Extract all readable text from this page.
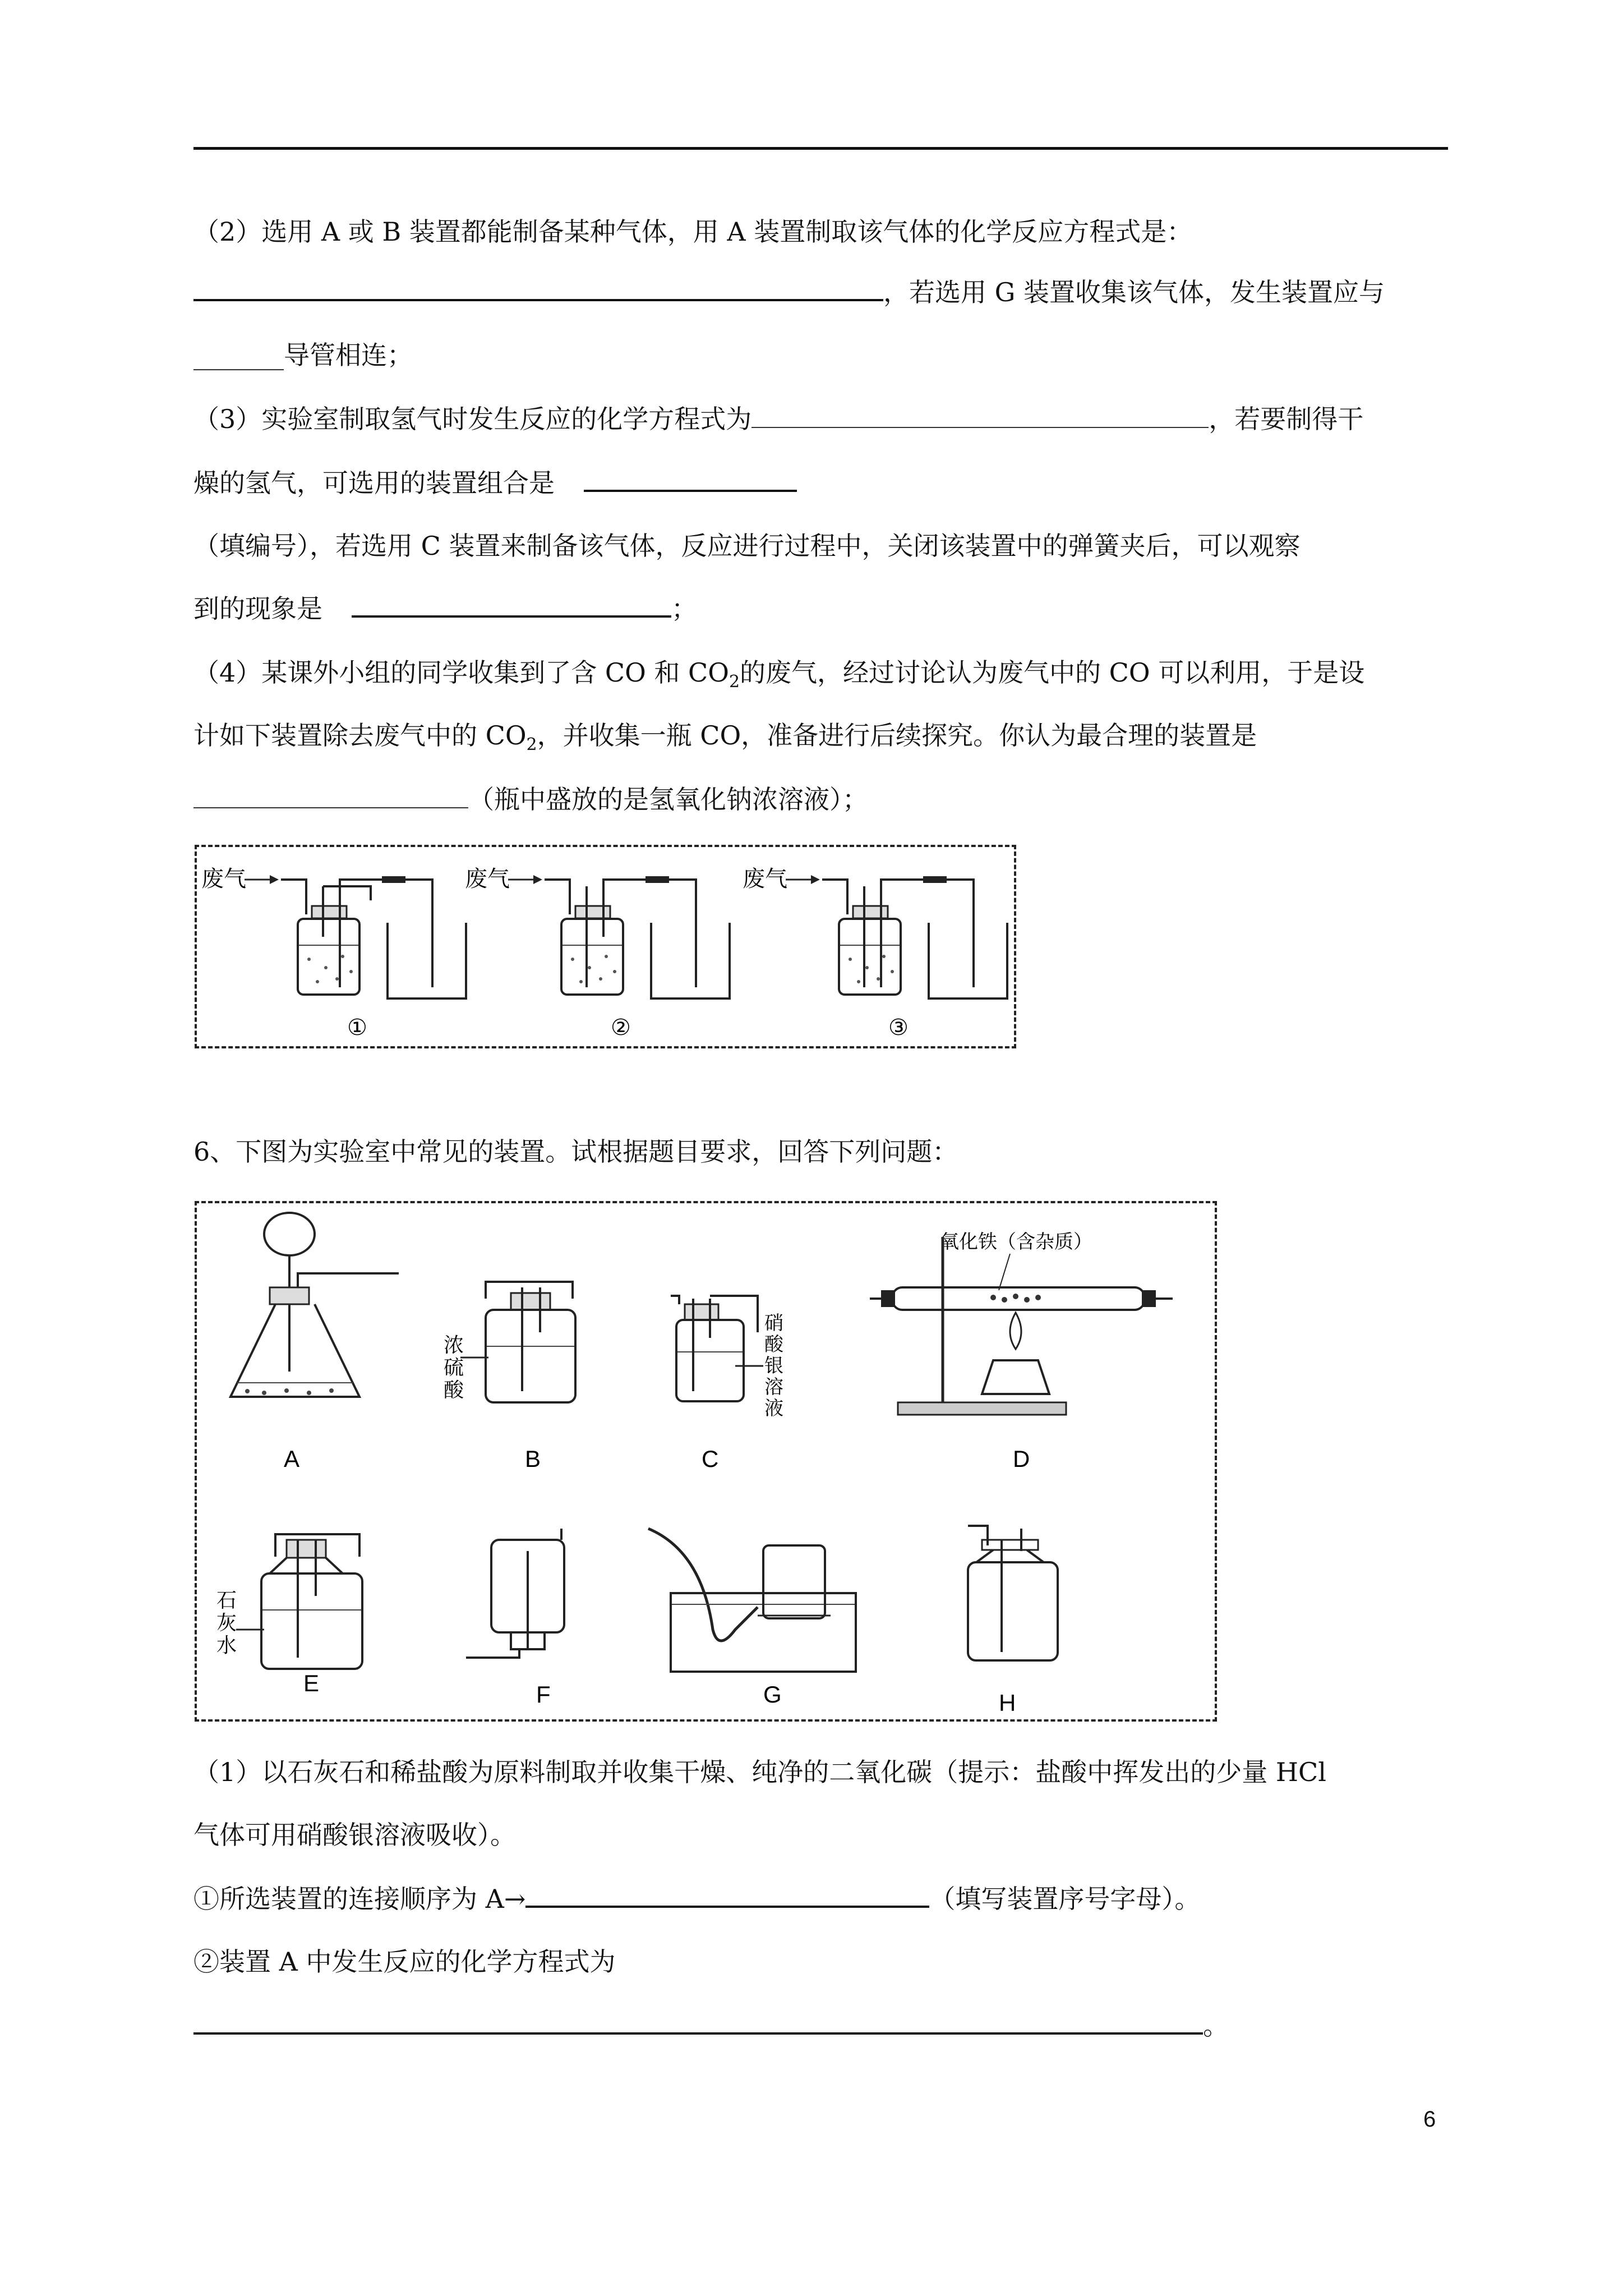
（2）选用 A 或 B 装置都能制备某种气体，用 A 装置制取该气体的化学反应方程式是：
，若选用 G 装置收集该气体，发生装置应与
_______导管相连；
（3）实验室制取氢气时发生反应的化学方程式为	，若要制得干
燥的氢气，可选用的装置组合是
（填编号），若选用 C 装置来制备该气体，反应进行过程中，关闭该装置中的弹簧夹后，可以观察
到的现象是	；
（4）某课外小组的同学收集到了含 CO 和 $CO_2$的废气，经过讨论认为废气中的 CO 可以利用，于是设
计如下装置除去废气中的 $CO_2$，并收集一瓶 CO，准备进行后续探究。你认为最合理的装置是
（瓶中盛放的是氢氧化钠浓溶液）；
废气
①
废气
②
废气
③
6、下图为实验室中常见的装置。试根据题目要求，回答下列问题：
A
浓
硫
酸
B
硝
酸
银
溶
液
C
氧化铁（含杂质）
D
石
灰
水
E	F	G	H
（1）以石灰石和稀盐酸为原料制取并收集干燥、纯净的二氧化碳（提示：盐酸中挥发出的少量 HCl
气体可用硝酸银溶液吸收）。
①所选装置的连接顺序为 A→	（填写装置序号字母）。
②装置 A 中发生反应的化学方程式为
。
6
